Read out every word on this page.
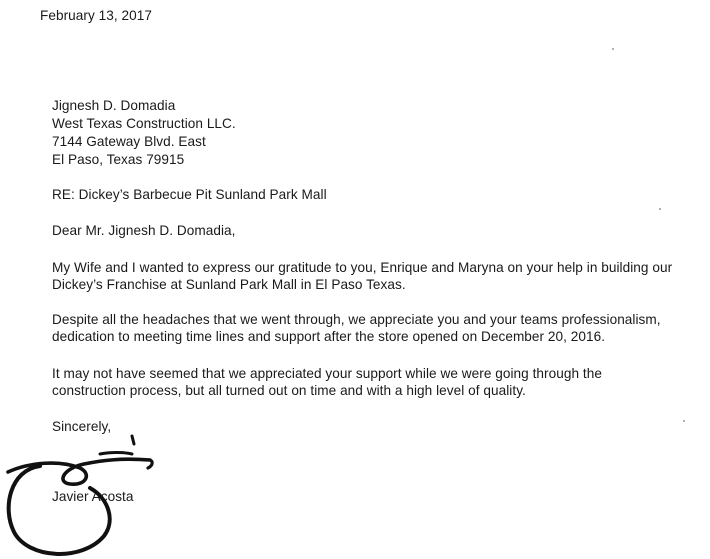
February 13, 2017
Jignesh D. Domadia
West Texas Construction LLC.
7144 Gateway Blvd. East
El Paso, Texas 79915
RE: Dickey’s Barbecue Pit Sunland Park Mall
Dear Mr. Jignesh D. Domadia,
My Wife and I wanted to express our gratitude to you, Enrique and Maryna on your help in building our
Dickey’s Franchise at Sunland Park Mall in El Paso Texas.
Despite all the headaches that we went through, we appreciate you and your teams professionalism,
dedication to meeting time lines and support after the store opened on December 20, 2016.
It may not have seemed that we appreciated your support while we were going through the
construction process, but all turned out on time and with a high level of quality.
Sincerely,
Javier Acosta
